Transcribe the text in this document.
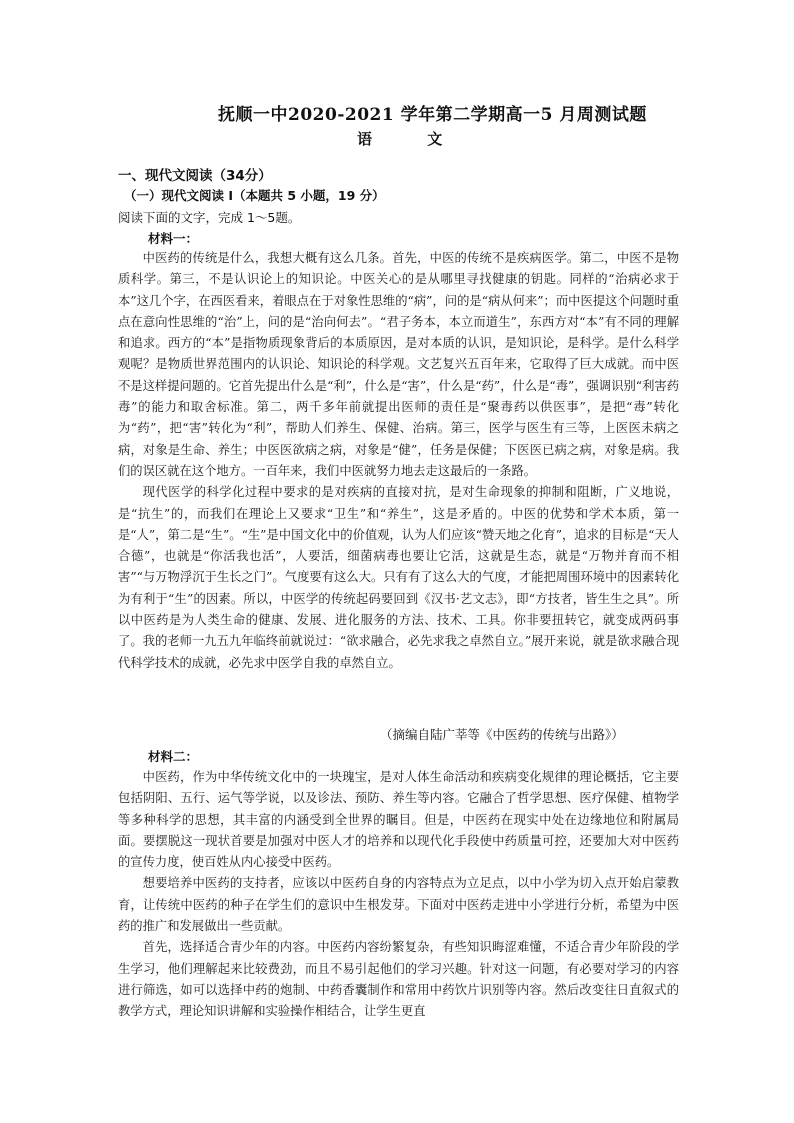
抚顺一中2020-2021 学年第二学期高一5 月周测试题
语 文
一、现代文阅读（34分）
（一）现代文阅读 I（本题共 5 小题，19 分）
阅读下面的文字，完成 1～5题。
材料一：

中医药的传统是什么，我想大概有这么几条。首先，中医的传统不是疾病医学。第二，中医不是物质科学。第三，不是认识论上的知识论。中医关心的是从哪里寻找健康的钥匙。同样的“治病必求于本”这几个字，在西医看来，着眼点在于对象性思维的“病”，问的是“病从何来”；而中医提这个问题时重点在意向性思维的“治”上，问的是“治向何去”。“君子务本，本立而道生”，东西方对“本”有不同的理解和追求。西方的“本”是指物质现象背后的本质原因，是对本质的认识，是知识论，是科学。是什么科学观呢？是物质世界范围内的认识论、知识论的科学观。文艺复兴五百年来，它取得了巨大成就。而中医不是这样提问题的。它首先提出什么是“利”，什么是“害”，什么是“药”，什么是“毒”，强调识别“利害药毒”的能力和取舍标准。第二，两千多年前就提出医师的责任是“聚毒药以供医事”，是把“毒”转化为“药”，把“害”转化为“利”，帮助人们养生、保健、治病。第三，医学与医生有三等，上医医未病之病，对象是生命、养生；中医医欲病之病，对象是“健”，任务是保健；下医医已病之病，对象是病。我们的误区就在这个地方。一百年来，我们中医就努力地去走这最后的一条路。

现代医学的科学化过程中要求的是对疾病的直接对抗，是对生命现象的抑制和阻断，广义地说，是“抗生”的，而我们在理论上又要求“卫生”和“养生”，这是矛盾的。中医的优势和学术本质，第一是“人”，第二是“生”。“生”是中国文化中的价值观，认为人们应该“赞天地之化育”，追求的目标是“天人合德”，也就是“你活我也活”，人要活，细菌病毒也要让它活，这就是生态，就是“万物并育而不相害”“与万物浮沉于生长之门”。气度要有这么大。只有有了这么大的气度，才能把周围环境中的因素转化为有利于“生”的因素。所以，中医学的传统起码要回到《汉书·艺文志》，即“方技者，皆生生之具”。所以中医药是为人类生命的健康、发展、进化服务的方法、技术、工具。你非要扭转它，就变成两码事了。我的老师一九五九年临终前就说过：“欲求融合，必先求我之卓然自立。”展开来说，就是欲求融合现代科学技术的成就，必先求中医学自我的卓然自立。

（摘编自陆广莘等《中医药的传统与出路》）
材料二：

中医药，作为中华传统文化中的一块瑰宝，是对人体生命活动和疾病变化规律的理论概括，它主要包括阴阳、五行、运气等学说，以及诊法、预防、养生等内容。它融合了哲学思想、医疗保健、植物学等多种科学的思想，其丰富的内涵受到全世界的瞩目。但是，中医药在现实中处在边缘地位和附属局面。要摆脱这一现状首要是加强对中医人才的培养和以现代化手段使中药质量可控，还要加大对中医药的宣传力度，使百姓从内心接受中医药。

想要培养中医药的支持者，应该以中医药自身的内容特点为立足点，以中小学为切入点开始启蒙教育，让传统中医药的种子在学生们的意识中生根发芽。下面对中医药走进中小学进行分析，希望为中医药的推广和发展做出一些贡献。

首先，选择适合青少年的内容。中医药内容纷繁复杂，有些知识晦涩难懂，不适合青少年阶段的学生学习，他们理解起来比较费劲，而且不易引起他们的学习兴趣。针对这一问题，有必要对学习的内容进行筛选，如可以选择中药的炮制、中药香囊制作和常用中药饮片识别等内容。然后改变往日直叙式的教学方式，理论知识讲解和实验操作相结合，让学生更直
